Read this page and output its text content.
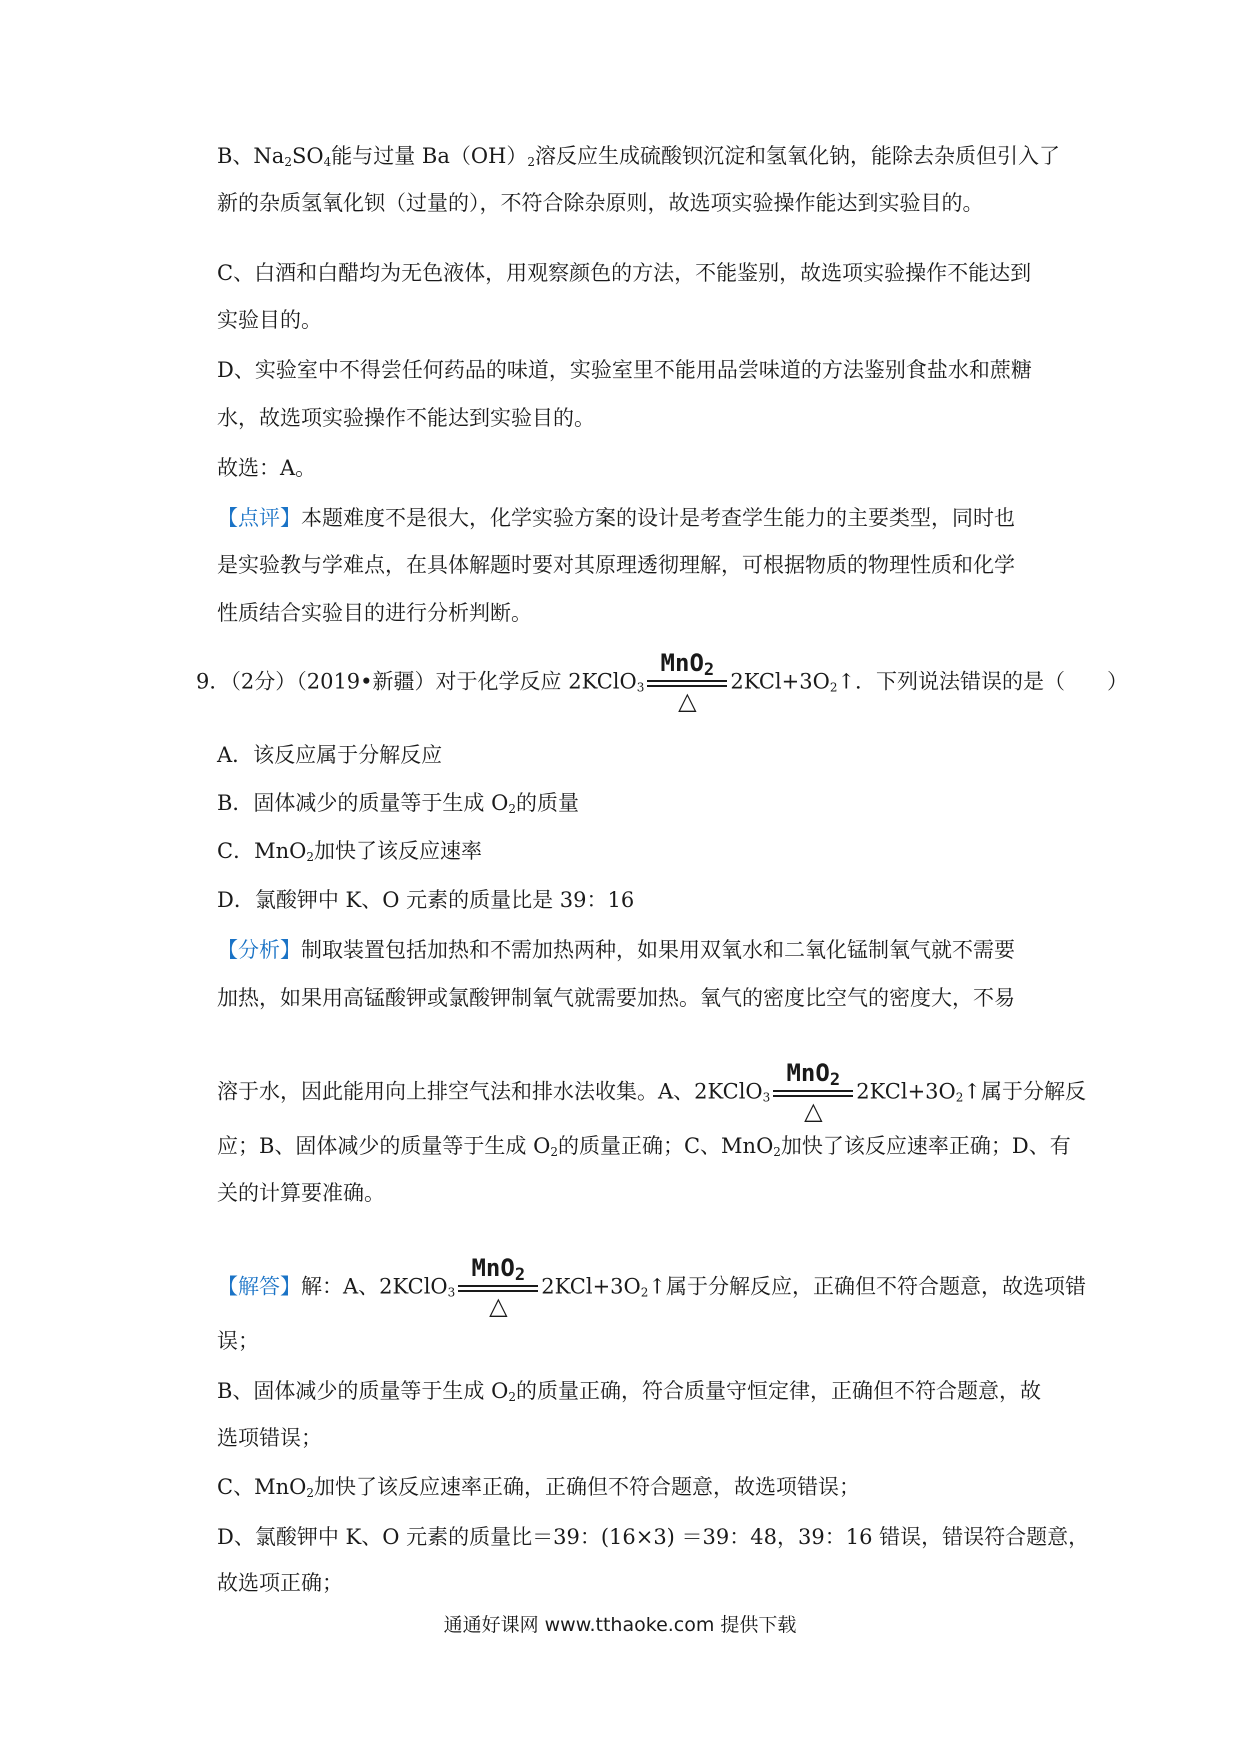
B、$Na_2SO_4$能与过量 $Ba(OH)_2$溶反应生成硫酸钡沉淀和氢氧化钠，能除去杂质但引入了
新的杂质氢氧化钡（过量的），不符合除杂原则，故选项实验操作能达到实验目的。
C、白酒和白醋均为无色液体，用观察颜色的方法，不能鉴别，故选项实验操作不能达到
实验目的。
D、实验室中不得尝任何药品的味道，实验室里不能用品尝味道的方法鉴别食盐水和蔗糖
水，故选项实验操作不能达到实验目的。
故选：A。
【点评】本题难度不是很大，化学实验方案的设计是考查学生能力的主要类型，同时也
是实验教与学难点，在具体解题时要对其原理透彻理解，可根据物质的物理性质和化学
性质结合实验目的进行分析判断。
9．（2分）（2019•新疆）对于化学反应 2KClO$_3$
MnO$_2$
△
$2KCl+3O_2↑$．下列说法错误的是（　　）
A．该反应属于分解反应
B．固体减少的质量等于生成 $O_2$的质量
C．MnO$_2$加快了该反应速率
D．氯酸钾中 K、O 元素的质量比是 39：16
【分析】制取装置包括加热和不需加热两种，如果用双氧水和二氧化锰制氧气就不需要
加热，如果用高锰酸钾或氯酸钾制氧气就需要加热。氧气的密度比空气的密度大，不易
溶于水，因此能用向上排空气法和排水法收集。A、2KClO$_3$
MnO$_2$
△
$2KCl+3O_2↑$属于分解反
应；B、固体减少的质量等于生成 $O_2$的质量正确；C、MnO$_2$加快了该反应速率正确；D、有
关的计算要准确。
【解答】解：A、2KClO$_3$
MnO$_2$
△
$2KCl+3O_2↑$属于分解反应，正确但不符合题意，故选项错
误；
B、固体减少的质量等于生成 $O_2$的质量正确，符合质量守恒定律，正确但不符合题意，故
选项错误；
C、MnO$_2$加快了该反应速率正确，正确但不符合题意，故选项错误；
D、氯酸钾中 K、O 元素的质量比＝39：(16×3) ＝39：48，39：16 错误，错误符合题意，
故选项正确；
通通好课网 www.tthaoke.com 提供下载
